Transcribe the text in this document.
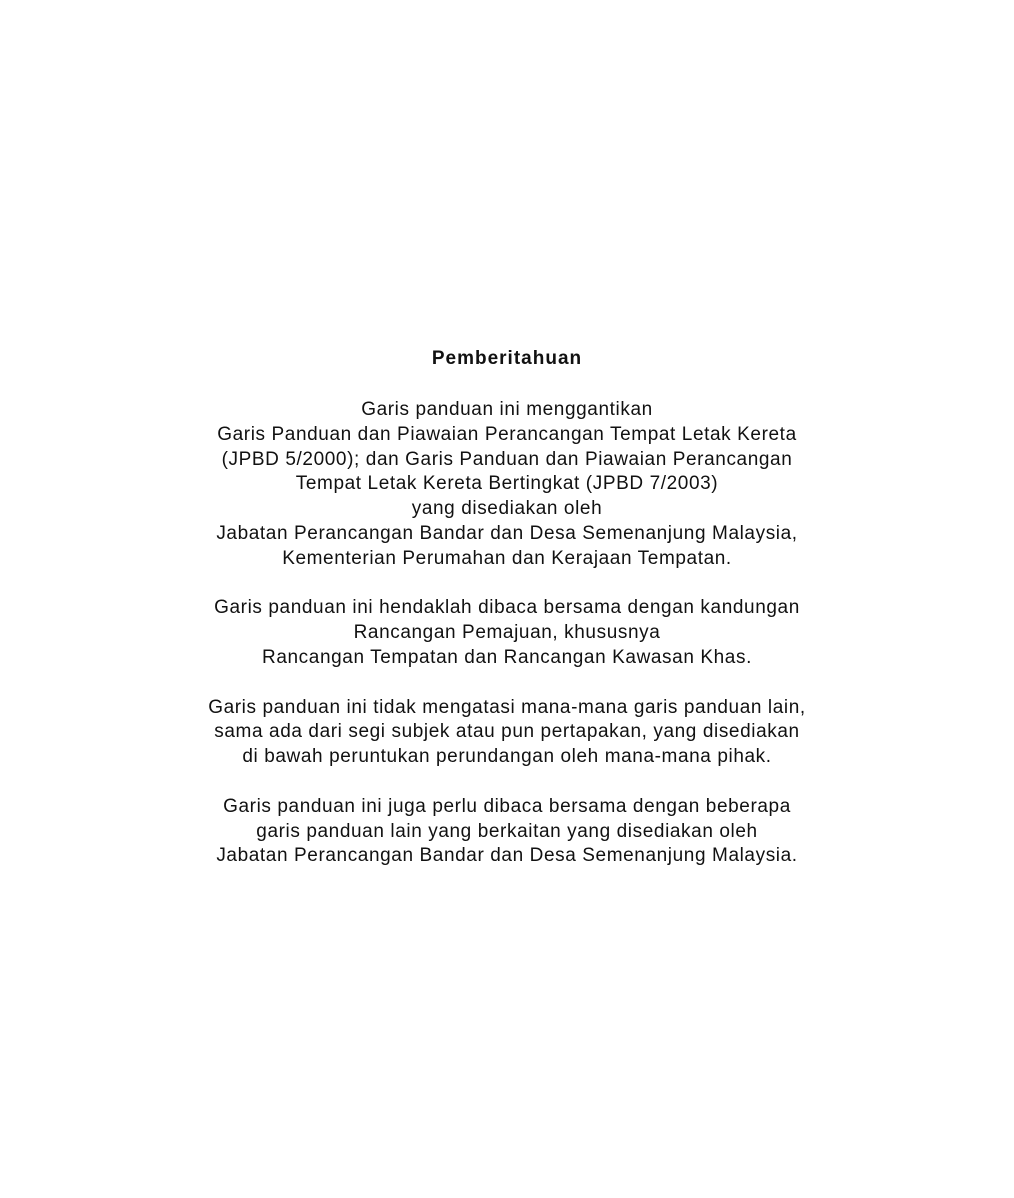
Pemberitahuan
Garis panduan ini menggantikan
Garis Panduan dan Piawaian Perancangan Tempat Letak Kereta
(JPBD 5/2000); dan Garis Panduan dan Piawaian Perancangan
Tempat Letak Kereta Bertingkat (JPBD 7/2003)
yang disediakan oleh
Jabatan Perancangan Bandar dan Desa Semenanjung Malaysia,
Kementerian Perumahan dan Kerajaan Tempatan.
Garis panduan ini hendaklah dibaca bersama dengan kandungan
Rancangan Pemajuan, khususnya
Rancangan Tempatan dan Rancangan Kawasan Khas.
Garis panduan ini tidak mengatasi mana-mana garis panduan lain,
sama ada dari segi subjek atau pun pertapakan, yang disediakan
di bawah peruntukan perundangan oleh mana-mana pihak.
Garis panduan ini juga perlu dibaca bersama dengan beberapa
garis panduan lain yang berkaitan yang disediakan oleh
Jabatan Perancangan Bandar dan Desa Semenanjung Malaysia.
